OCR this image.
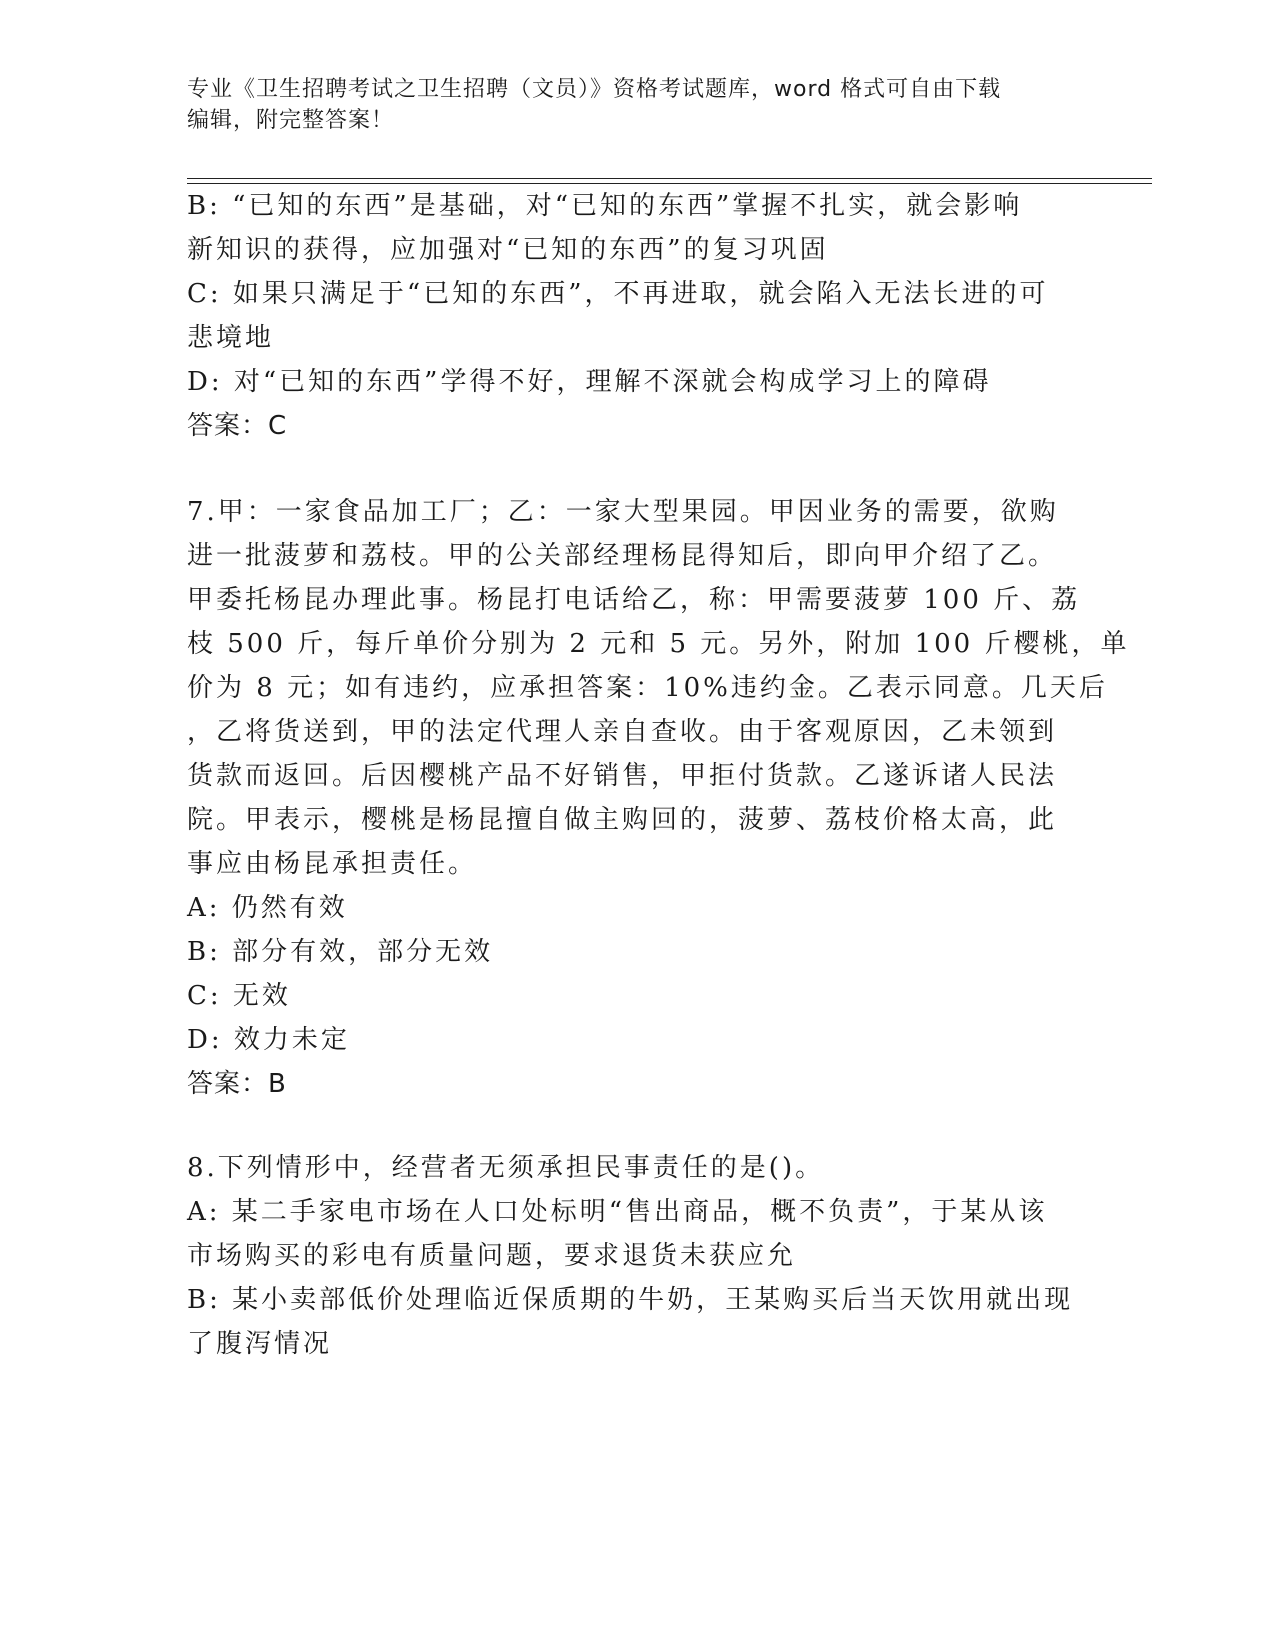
专业《卫生招聘考试之卫生招聘（文员）》资格考试题库，word 格式可自由下载
编辑，附完整答案！
B: “已知的东西”是基础，对“已知的东西”掌握不扎实，就会影响
新知识的获得，应加强对“已知的东西”的复习巩固
C: 如果只满足于“已知的东西”，不再进取，就会陷入无法长进的可
悲境地
D: 对“已知的东西”学得不好，理解不深就会构成学习上的障碍
答案：C
7.甲：一家食品加工厂；乙：一家大型果园。甲因业务的需要，欲购
进一批菠萝和荔枝。甲的公关部经理杨昆得知后，即向甲介绍了乙。
甲委托杨昆办理此事。杨昆打电话给乙，称：甲需要菠萝 100 斤、荔
枝 500 斤，每斤单价分别为 2 元和 5 元。另外，附加 100 斤樱桃，单
价为 8 元；如有违约，应承担答案：10%违约金。乙表示同意。几天后
，乙将货送到，甲的法定代理人亲自查收。由于客观原因，乙未领到
货款而返回。后因樱桃产品不好销售，甲拒付货款。乙遂诉诸人民法
院。甲表示，樱桃是杨昆擅自做主购回的，菠萝、荔枝价格太高，此
事应由杨昆承担责任。
A: 仍然有效
B: 部分有效，部分无效
C: 无效
D: 效力未定
答案：B
8.下列情形中，经营者无须承担民事责任的是()。
A: 某二手家电市场在人口处标明“售出商品，概不负责”，于某从该
市场购买的彩电有质量问题，要求退货未获应允
B: 某小卖部低价处理临近保质期的牛奶，王某购买后当天饮用就出现
了腹泻情况
